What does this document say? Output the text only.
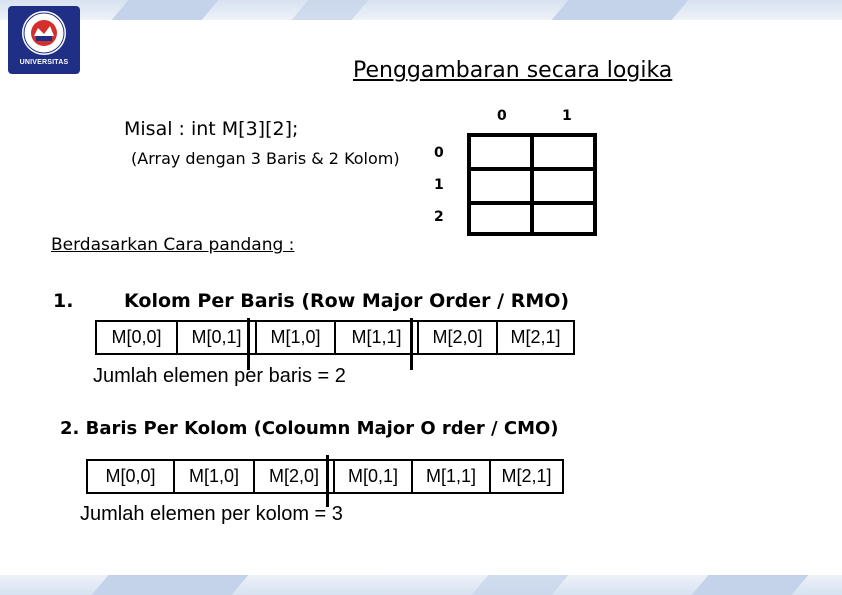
UNIVERSITAS	Penggambaran secara logika
Misal : int M[3][2];
(Array dengan 3 Baris & 2 Kolom)
0	1
0
1
2
Berdasarkan Cara pandang :
1.	Kolom Per Baris (Row Major Order / RMO)
M[0,0]	M[0,1]	M[1,0]	M[1,1]	M[2,0]	M[2,1]
Jumlah elemen per baris = 2
2. Baris Per Kolom (Coloumn Major O rder / CMO)
M[0,0]	M[1,0]	M[2,0]	M[0,1]	M[1,1]	M[2,1]
Jumlah elemen per kolom = 3
